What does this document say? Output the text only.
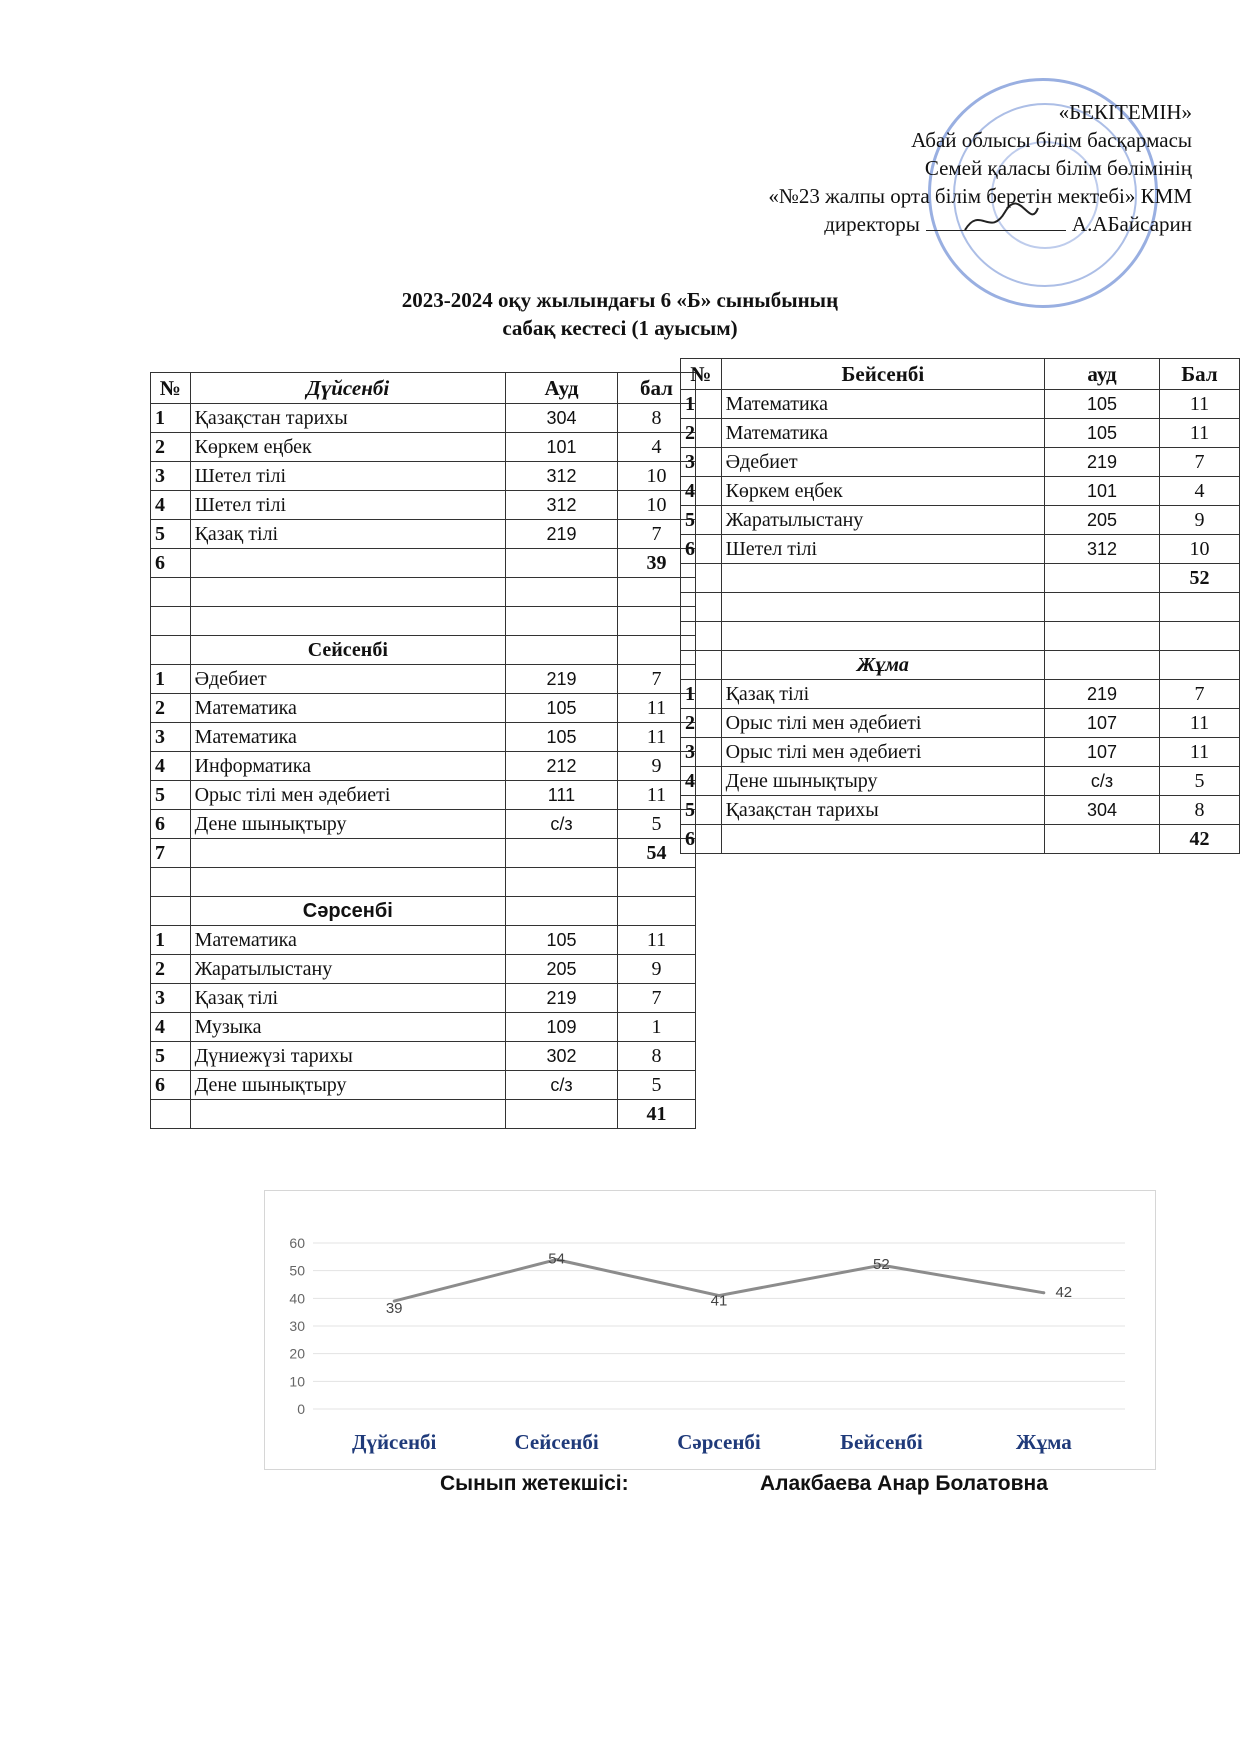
«БЕКІТЕМІН»
Абай облысы білім басқармасы
Семей қаласы білім бөлімінің
«№23 жалпы орта білім беретін мектебі» КММ
директоры	А.АБайсарин
2023-2024 оқу жылындағы 6 «Б» сыныбының
сабақ кестесі (1 ауысым)
№	Дүйсенбі	Ауд	бал
1	Қазақстан тарихы	304	8
2	Көркем еңбек	101	4
3	Шетел тілі	312	10
4	Шетел тілі	312	10
5	Қазақ тілі	219	7
6			39

	Сейсенбі		
1	Әдебиет	219	7
2	Математика	105	11
3	Математика	105	11
4	Информатика	212	9
5	Орыс тілі мен әдебиеті	111	11
6	Дене шынықтыру	с/з	5
7			54

	Сәрсенбі		
1	Математика	105	11
2	Жаратылыстану	205	9
3	Қазақ тілі	219	7
4	Музыка	109	1
5	Дүниежүзі тарихы	302	8
6	Дене шынықтыру	с/з	5
			41
№	Бейсенбі	ауд	Бал
1	Математика	105	11
2	Математика	105	11
3	Әдебиет	219	7
4	Көркем еңбек	101	4
5	Жаратылыстану	205	9
6	Шетел тілі	312	10
			52

	Жұма		
1	Қазақ тілі	219	7
2	Орыс тілі мен әдебиеті	107	11
3	Орыс тілі мен әдебиеті	107	11
4	Дене шынықтыру	с/з	5
5	Қазақстан тарихы	304	8
6			42
0
10
20
30
40
50
60
39
54
41
52
42
Дүйсенбі	Сейсенбі	Сәрсенбі	Бейсенбі	Жұма
Сынып жетекшісі:	Алакбаева Анар Болатовна
